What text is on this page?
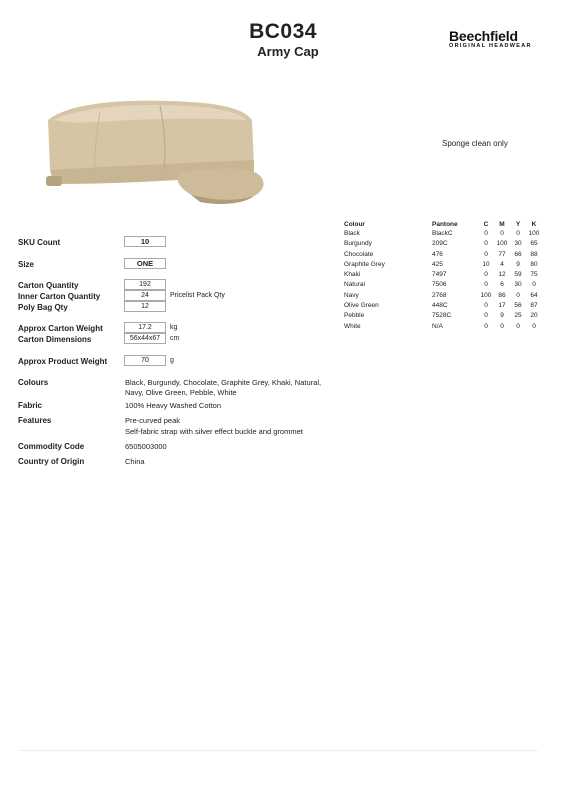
BC034
Army Cap
Beechfield
ORIGINAL HEADWEAR
Sponge clean only
SKU Count	10
Size	ONE
Carton Quantity	192
Inner Carton Quantity	24	Pricelist Pack Qty
Poly Bag Qty	12
Approx Carton Weight	17.2	kg
Carton Dimensions	56x44x67	cm
Approx Product Weight	70	g
Colours	Black, Burgundy, Chocolate, Graphite Grey, Khaki, Natural,
Navy, Olive Green, Pebble, White
Fabric	100% Heavy Washed Cotton
Features	Pre-curved peak
Self-fabric strap with silver effect buckle and grommet
Commodity Code	6505003000
Country of Origin	China
Colour	Pantone	C	M	Y	K
Black	BlackC	0	0	0	100
Burgundy	209C	0	100	30	65
Chocolate	476	0	77	66	88
Graphite Grey	425	10	4	9	80
Khaki	7497	0	12	59	75
Natural	7506	0	6	30	0
Navy	2768	100	86	0	64
Olive Green	448C	0	17	56	87
Pebble	7528C	0	9	25	20
White	N/A	0	0	0	0
